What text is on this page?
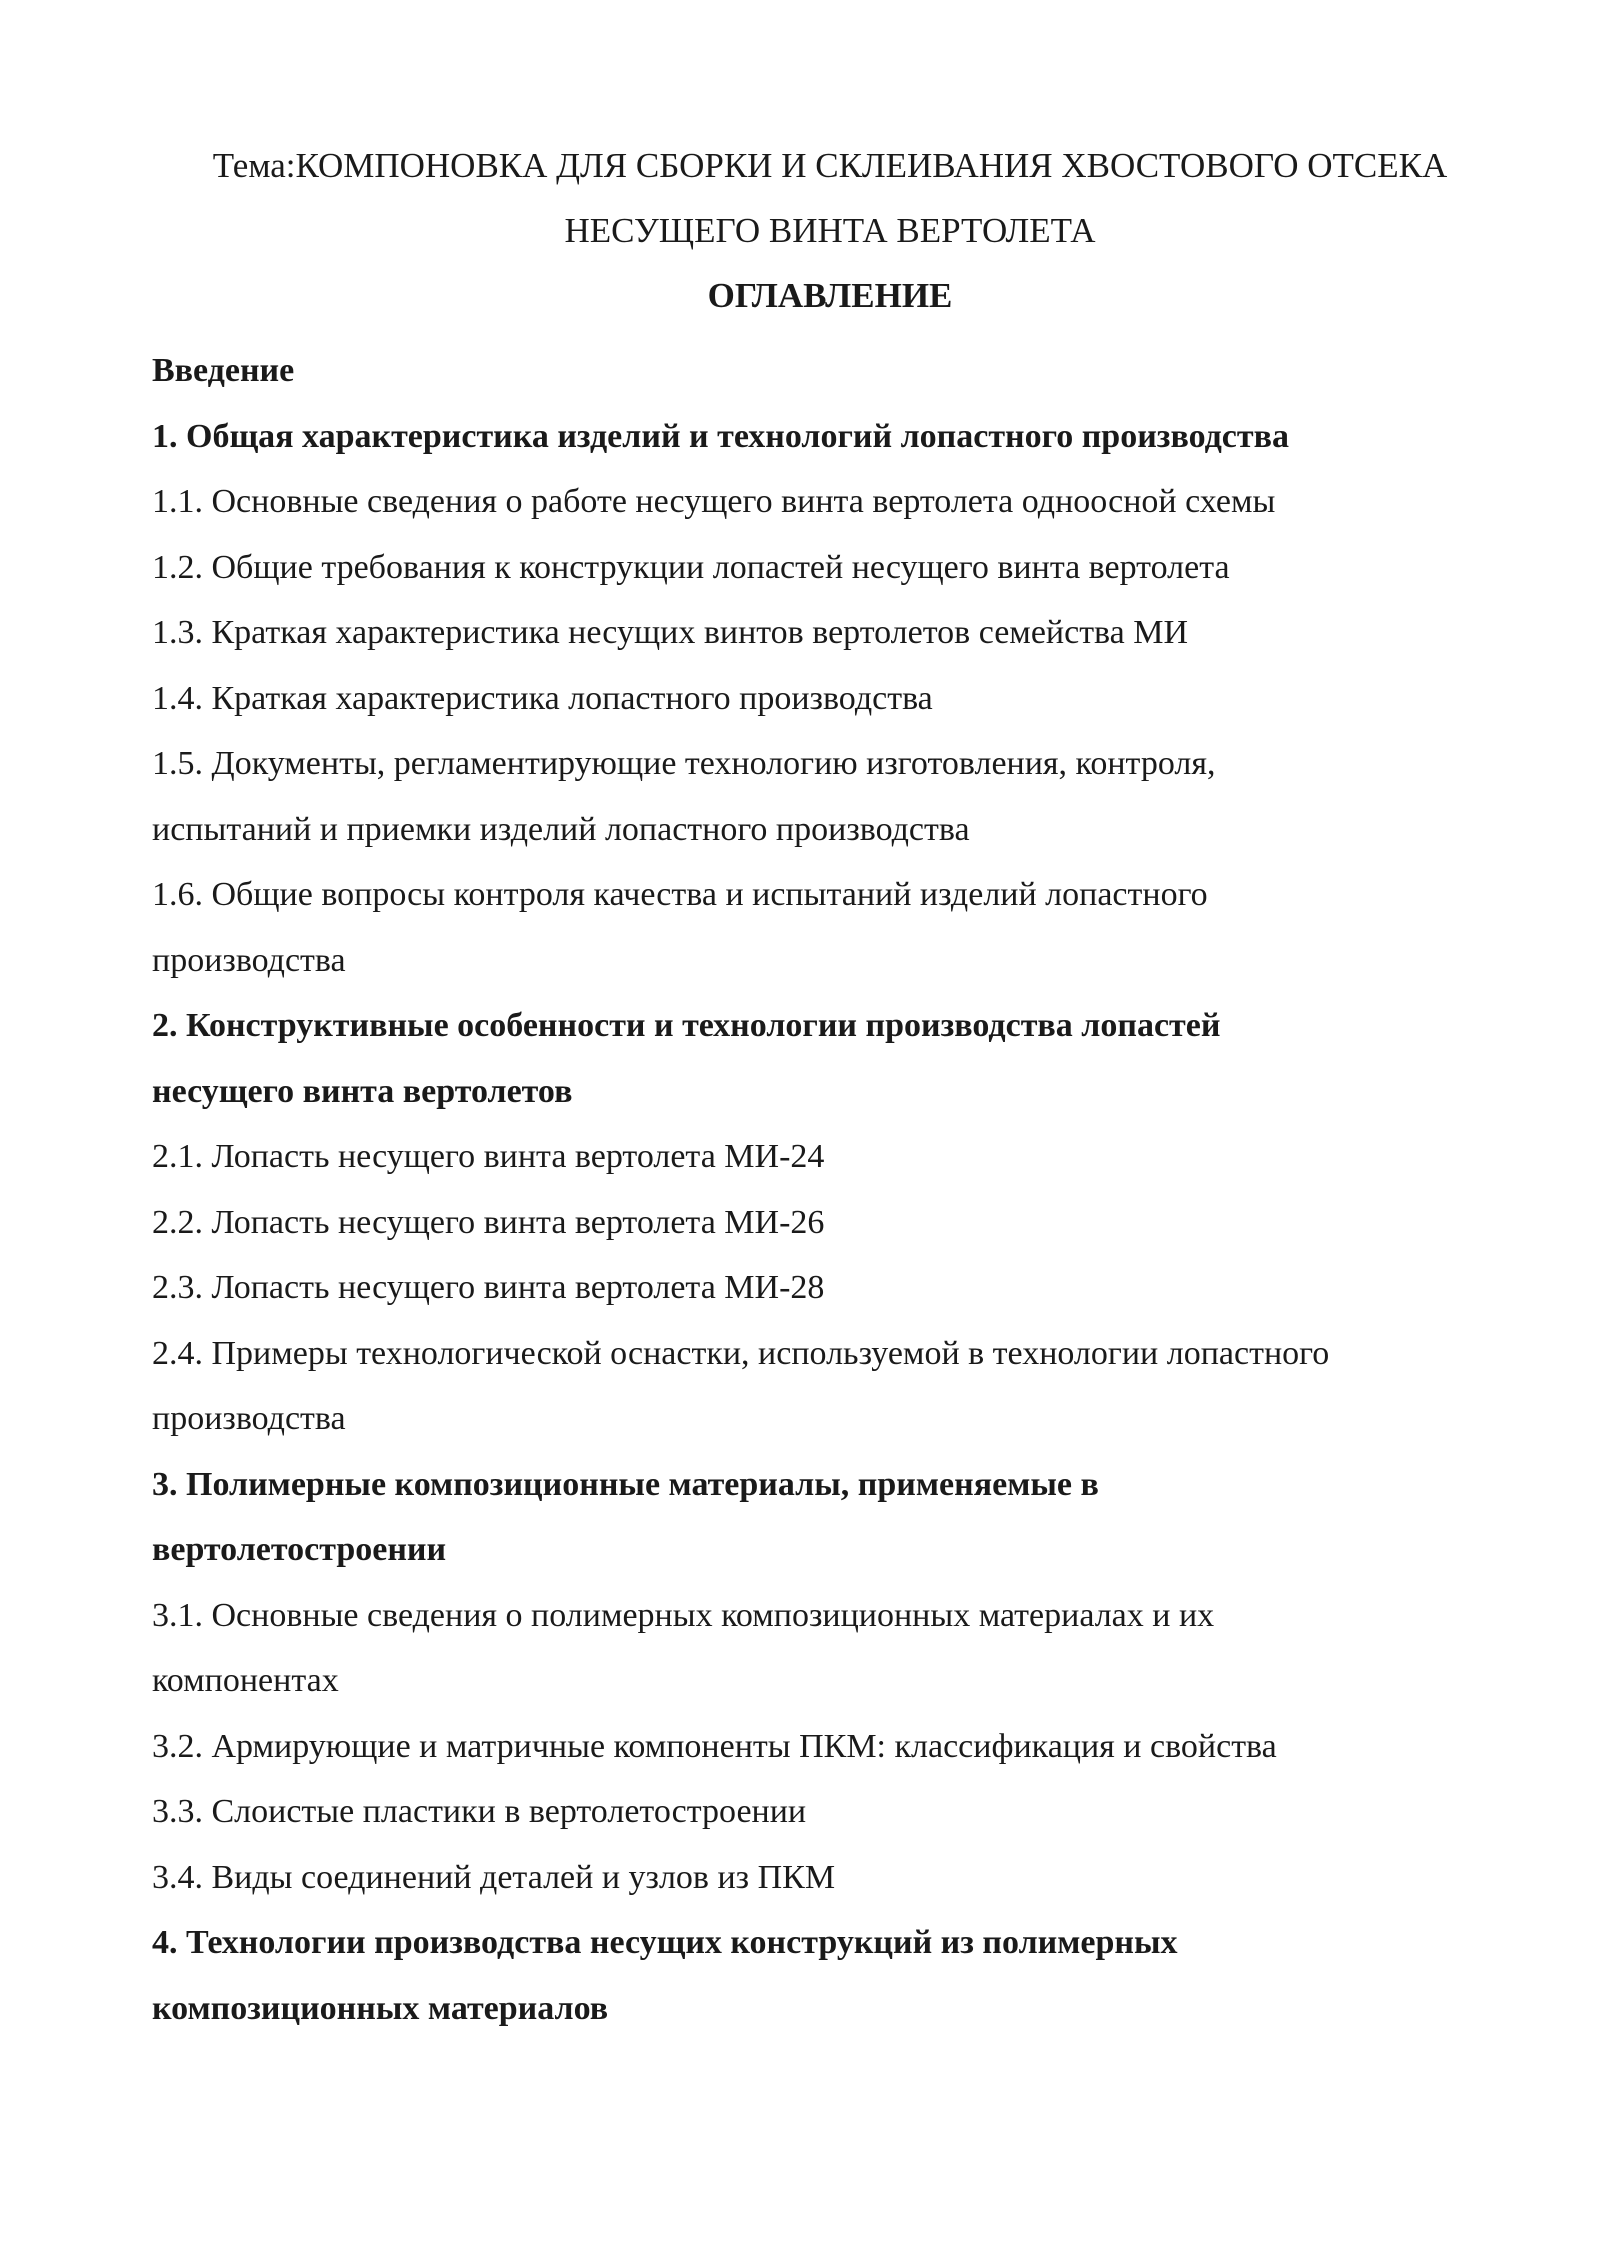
Тема:КОМПОНОВКА ДЛЯ СБОРКИ И СКЛЕИВАНИЯ ХВОСТОВОГО ОТСЕКА
НЕСУЩЕГО ВИНТА ВЕРТОЛЕТА
ОГЛАВЛЕНИЕ
Введение
1. Общая характеристика изделий и технологий лопастного производства
1.1. Основные сведения о работе несущего винта вертолета одноосной схемы
1.2. Общие требования к конструкции лопастей несущего винта вертолета
1.3. Краткая характеристика несущих винтов вертолетов семейства МИ
1.4. Краткая характеристика лопастного производства
1.5. Документы, регламентирующие технологию изготовления, контроля,
испытаний и приемки изделий лопастного производства
1.6. Общие вопросы контроля качества и испытаний изделий лопастного
производства
2. Конструктивные особенности и технологии производства лопастей
несущего винта вертолетов
2.1. Лопасть несущего винта вертолета МИ-24
2.2. Лопасть несущего винта вертолета МИ-26
2.3. Лопасть несущего винта вертолета МИ-28
2.4. Примеры технологической оснастки, используемой в технологии лопастного
производства
3. Полимерные композиционные материалы, применяемые в
вертолетостроении
3.1. Основные сведения о полимерных композиционных материалах и их
компонентах
3.2. Армирующие и матричные компоненты ПКМ: классификация и свойства
3.3. Слоистые пластики в вертолетостроении
3.4. Виды соединений деталей и узлов из ПКМ
4. Технологии производства несущих конструкций из полимерных
композиционных материалов
